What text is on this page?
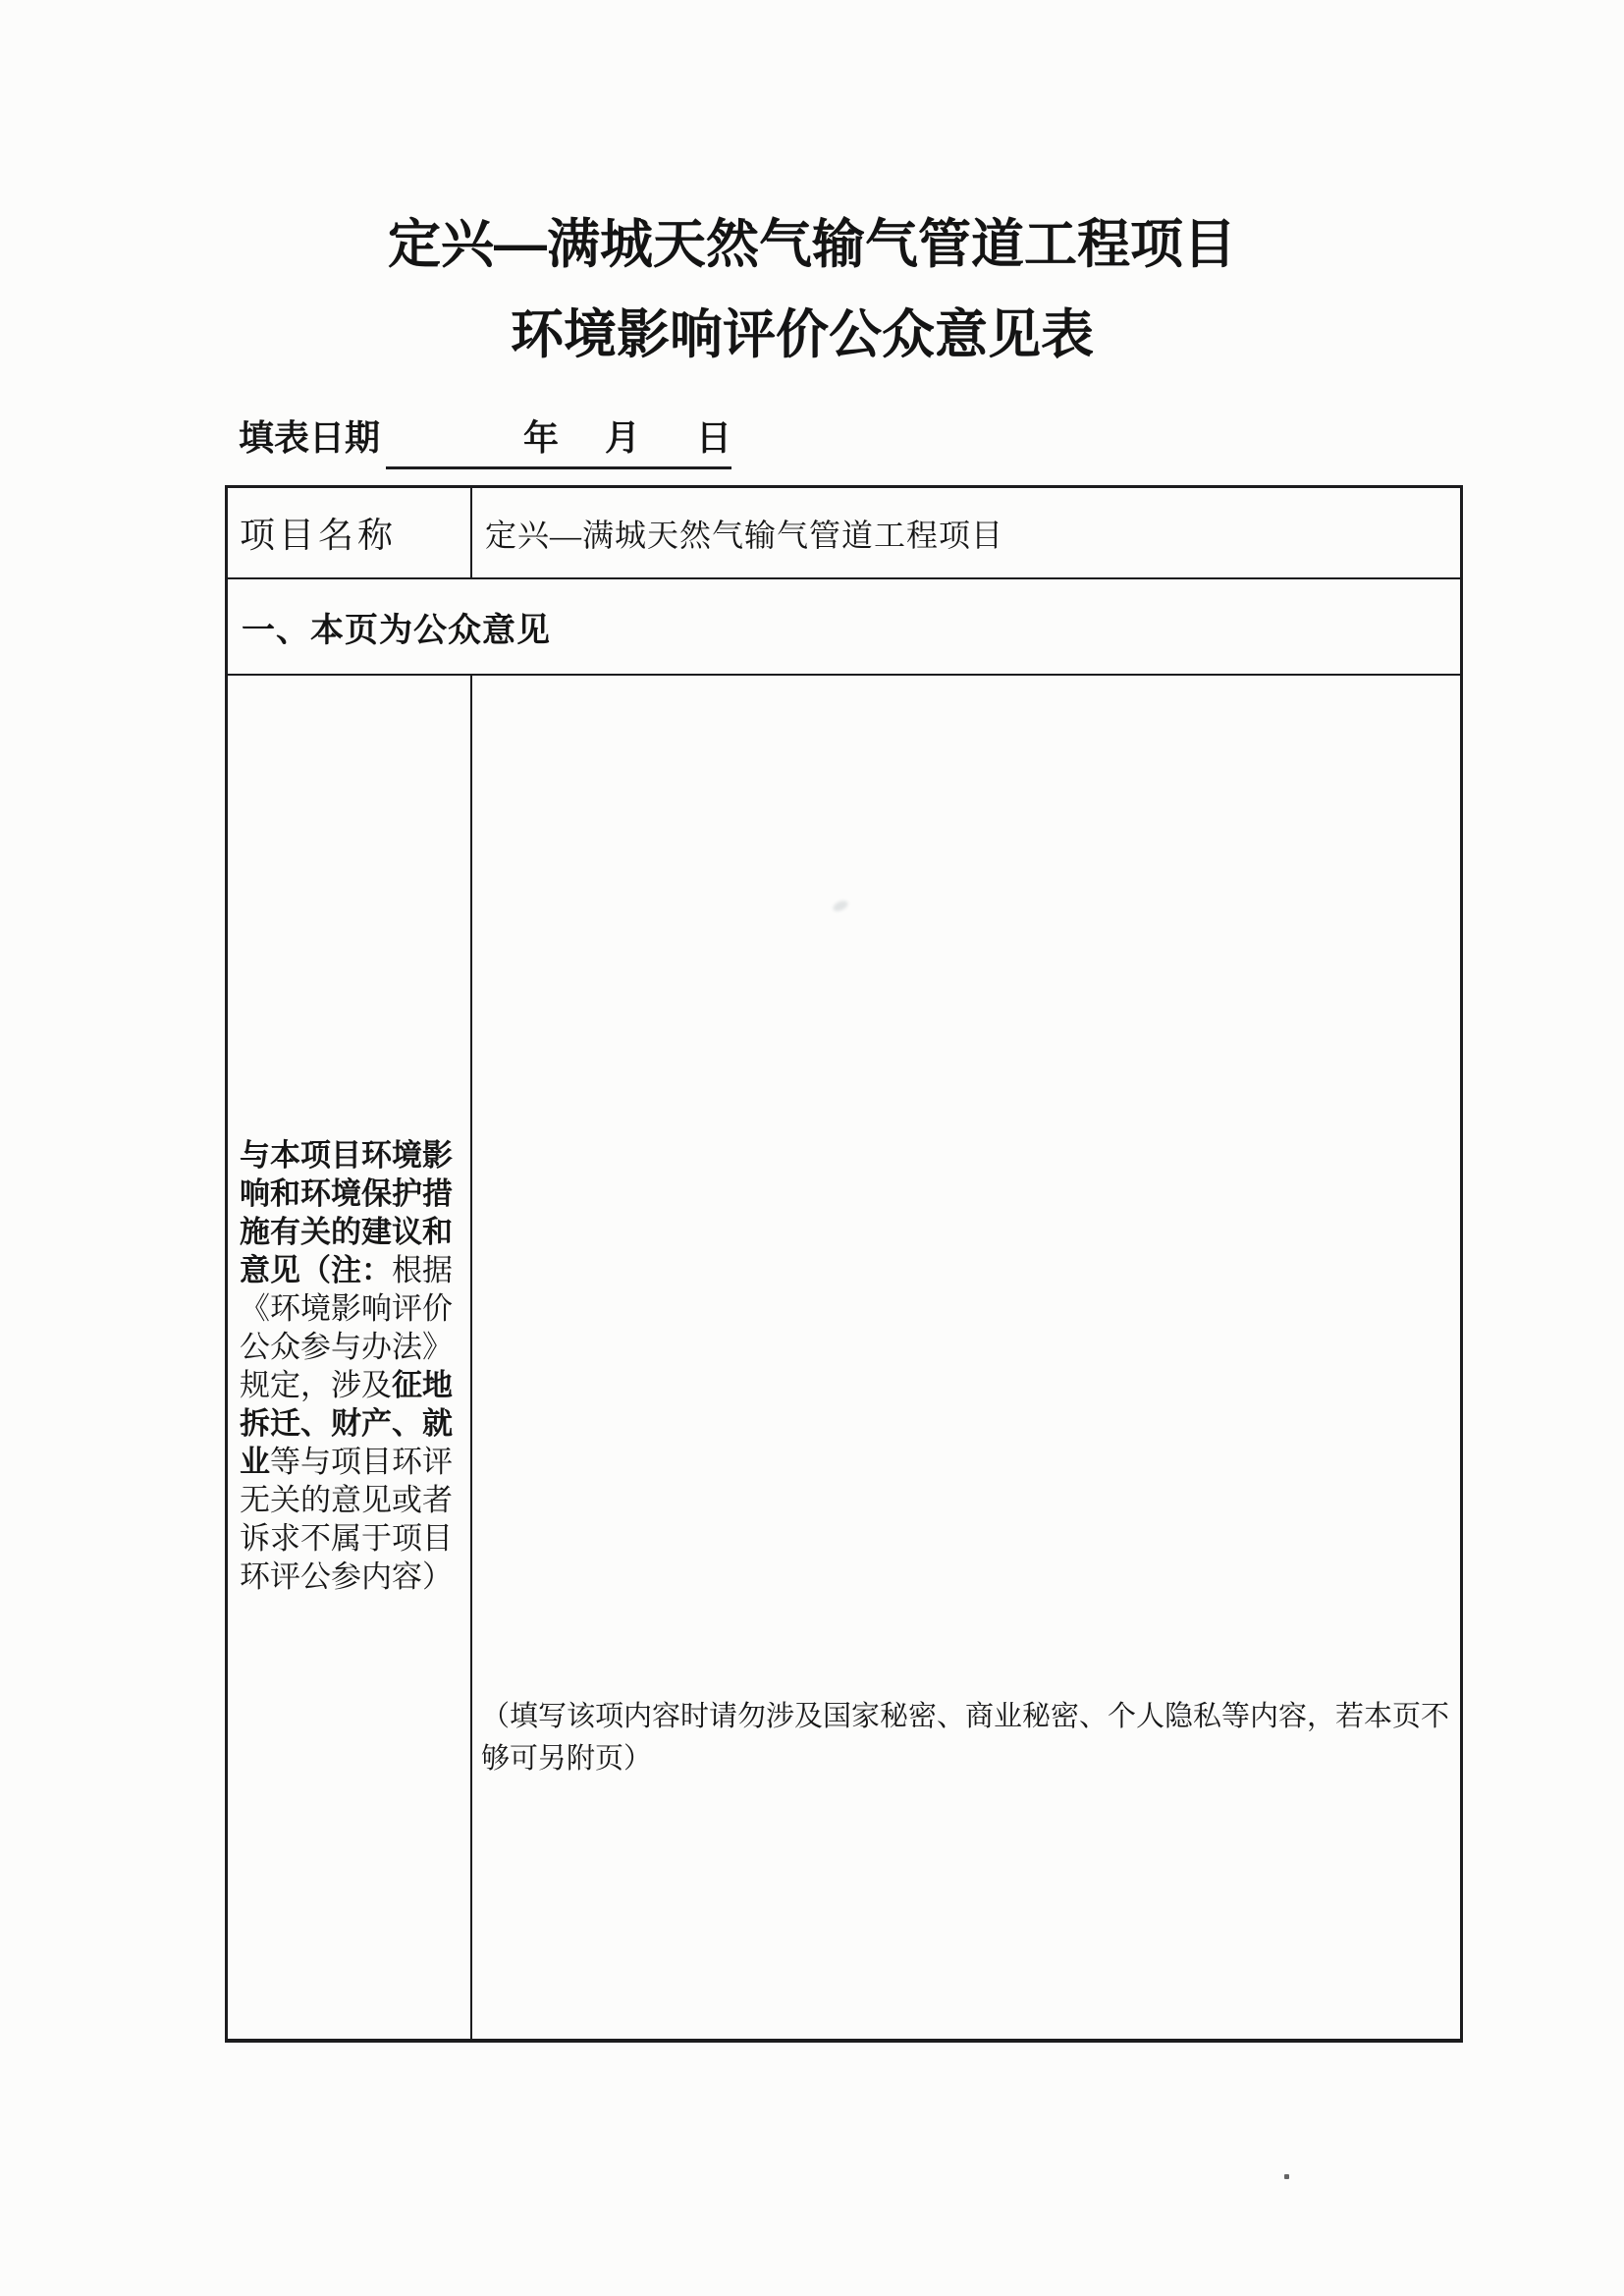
定兴—满城天然气输气管道工程项目
环境影响评价公众意见表
填表日期	年 月 日
项目名称	定兴—满城天然气输气管道工程项目
一、本页为公众意见
与本项目环境影
响和环境保护措
施有关的建议和
意见（注：根据
《环境影响评价
公众参与办法》
规定，涉及征地
拆迁、财产、就
业等与项目环评
无关的意见或者
诉求不属于项目
环评公参内容）
（填写该项内容时请勿涉及国家秘密、商业秘密、个人隐私等内容，若本页不
够可另附页）
